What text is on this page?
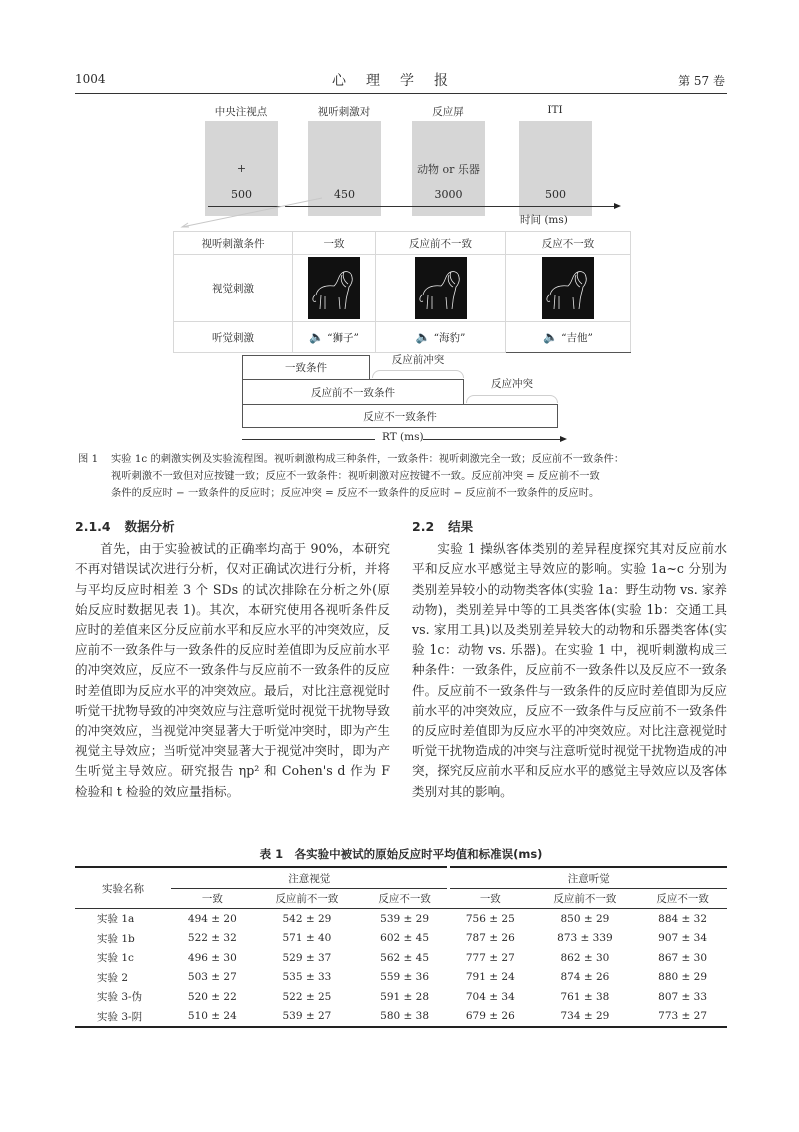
1004	心理学报	第 57 卷
中央注视点	视听刺激对	反应屏	ITI
+	动物 or 乐器
500	450	3000	500
时间 (ms)
视听刺激条件	一致	反应前不一致	反应不一致
视觉刺激			
听觉刺激	🔈 “狮子”	🔈 “海豹”	🔈 “吉他”
一致条件
反应前不一致条件
反应不一致条件
反应前冲突
反应冲突
RT (ms)
图 1 实验 1c 的刺激实例及实验流程图。视听刺激构成三种条件，一致条件：视听刺激完全一致；反应前不一致条件：
视听刺激不一致但对应按键一致；反应不一致条件：视听刺激对应按键不一致。反应前冲突 = 反应前不一致
条件的反应时 − 一致条件的反应时；反应冲突 = 反应不一致条件的反应时 − 反应前不一致条件的反应时。
2.1.4 数据分析

首先，由于实验被试的正确率均高于 90%，本研究不再对错误试次进行分析，仅对正确试次进行分析，并将与平均反应时相差 3 个 SDs 的试次排除在分析之外(原始反应时数据见表 1)。其次，本研究使用各视听条件反应时的差值来区分反应前水平和反应水平的冲突效应，反应前不一致条件与一致条件的反应时差值即为反应前水平的冲突效应，反应不一致条件与反应前不一致条件的反应时差值即为反应水平的冲突效应。最后，对比注意视觉时听觉干扰物导致的冲突效应与注意听觉时视觉干扰物导致的冲突效应，当视觉冲突显著大于听觉冲突时，即为产生视觉主导效应；当听觉冲突显著大于视觉冲突时，即为产生听觉主导效应。研究报告 ηp² 和 Cohen's d 作为 F 检验和 t 检验的效应量指标。

2.2 结果

实验 1 操纵客体类别的差异程度探究其对反应前水平和反应水平感觉主导效应的影响。实验 1a~c 分别为类别差异较小的动物类客体(实验 1a：野生动物 vs. 家养动物)，类别差异中等的工具类客体(实验 1b：交通工具 vs. 家用工具)以及类别差异较大的动物和乐器类客体(实验 1c：动物 vs. 乐器)。在实验 1 中，视听刺激构成三种条件：一致条件，反应前不一致条件以及反应不一致条件。反应前不一致条件与一致条件的反应时差值即为反应前水平的冲突效应，反应不一致条件与反应前不一致条件的反应时差值即为反应水平的冲突效应。对比注意视觉时听觉干扰物造成的冲突与注意听觉时视觉干扰物造成的冲突，探究反应前水平和反应水平的感觉主导效应以及客体类别对其的影响。

表 1　各实验中被试的原始反应时平均值和标准误(ms)
实验名称	注意视觉			注意听觉		
	一致	反应前不一致	反应不一致	一致	反应前不一致	反应不一致
实验 1a	494 ± 20	542 ± 29	539 ± 29	756 ± 25	850 ± 29	884 ± 32
实验 1b	522 ± 32	571 ± 40	602 ± 45	787 ± 26	873 ± 339	907 ± 34
实验 1c	496 ± 30	529 ± 37	562 ± 45	777 ± 27	862 ± 30	867 ± 30
实验 2	503 ± 27	535 ± 33	559 ± 36	791 ± 24	874 ± 26	880 ± 29
实验 3-伪	520 ± 22	522 ± 25	591 ± 28	704 ± 34	761 ± 38	807 ± 33
实验 3-阴	510 ± 24	539 ± 27	580 ± 38	679 ± 26	734 ± 29	773 ± 27
